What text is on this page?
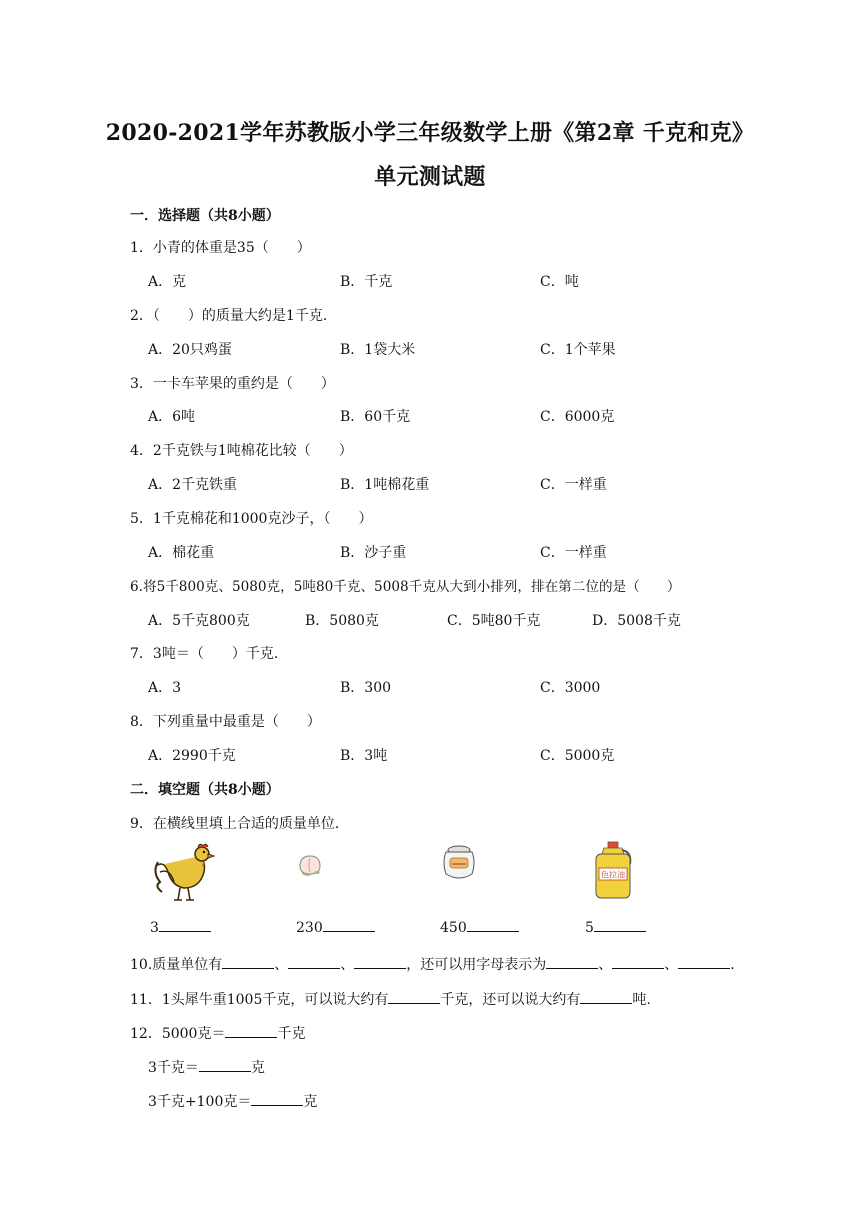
2020-2021学年苏教版小学三年级数学上册《第2章 千克和克》
单元测试题
一．选择题（共8小题）
1．小青的体重是35（　　）
A．克	B．千克	C．吨
2．（　　）的质量大约是1千克．
A．20只鸡蛋	B．1袋大米	C．1个苹果
3．一卡车苹果的重约是（　　）
A．6吨	B．60千克	C．6000克
4．2千克铁与1吨棉花比较（　　）
A．2千克铁重	B．1吨棉花重	C．一样重
5．1千克棉花和1000克沙子，（　　）
A．棉花重	B．沙子重	C．一样重
6.将5千800克、5080克，5吨80千克、5008千克从大到小排列，排在第二位的是（　　）
A．5千克800克	B．5080克	C．5吨80千克	D．5008千克
7．3吨＝（　　）千克．
A．3	B．300	C．3000
8．下列重量中最重是（　　）
A．2990千克	B．3吨	C．5000克
二．填空题（共8小题）
9．在横线里填上合适的质量单位．
色拉油
3	230	450	5
10.质量单位有	、	、	，还可以用字母表示为	、	、	.
11．1头犀牛重1005千克，可以说大约有	千克，还可以说大约有	吨.
12．5000克＝	千克
3千克＝	克
3千克+100克＝	克
